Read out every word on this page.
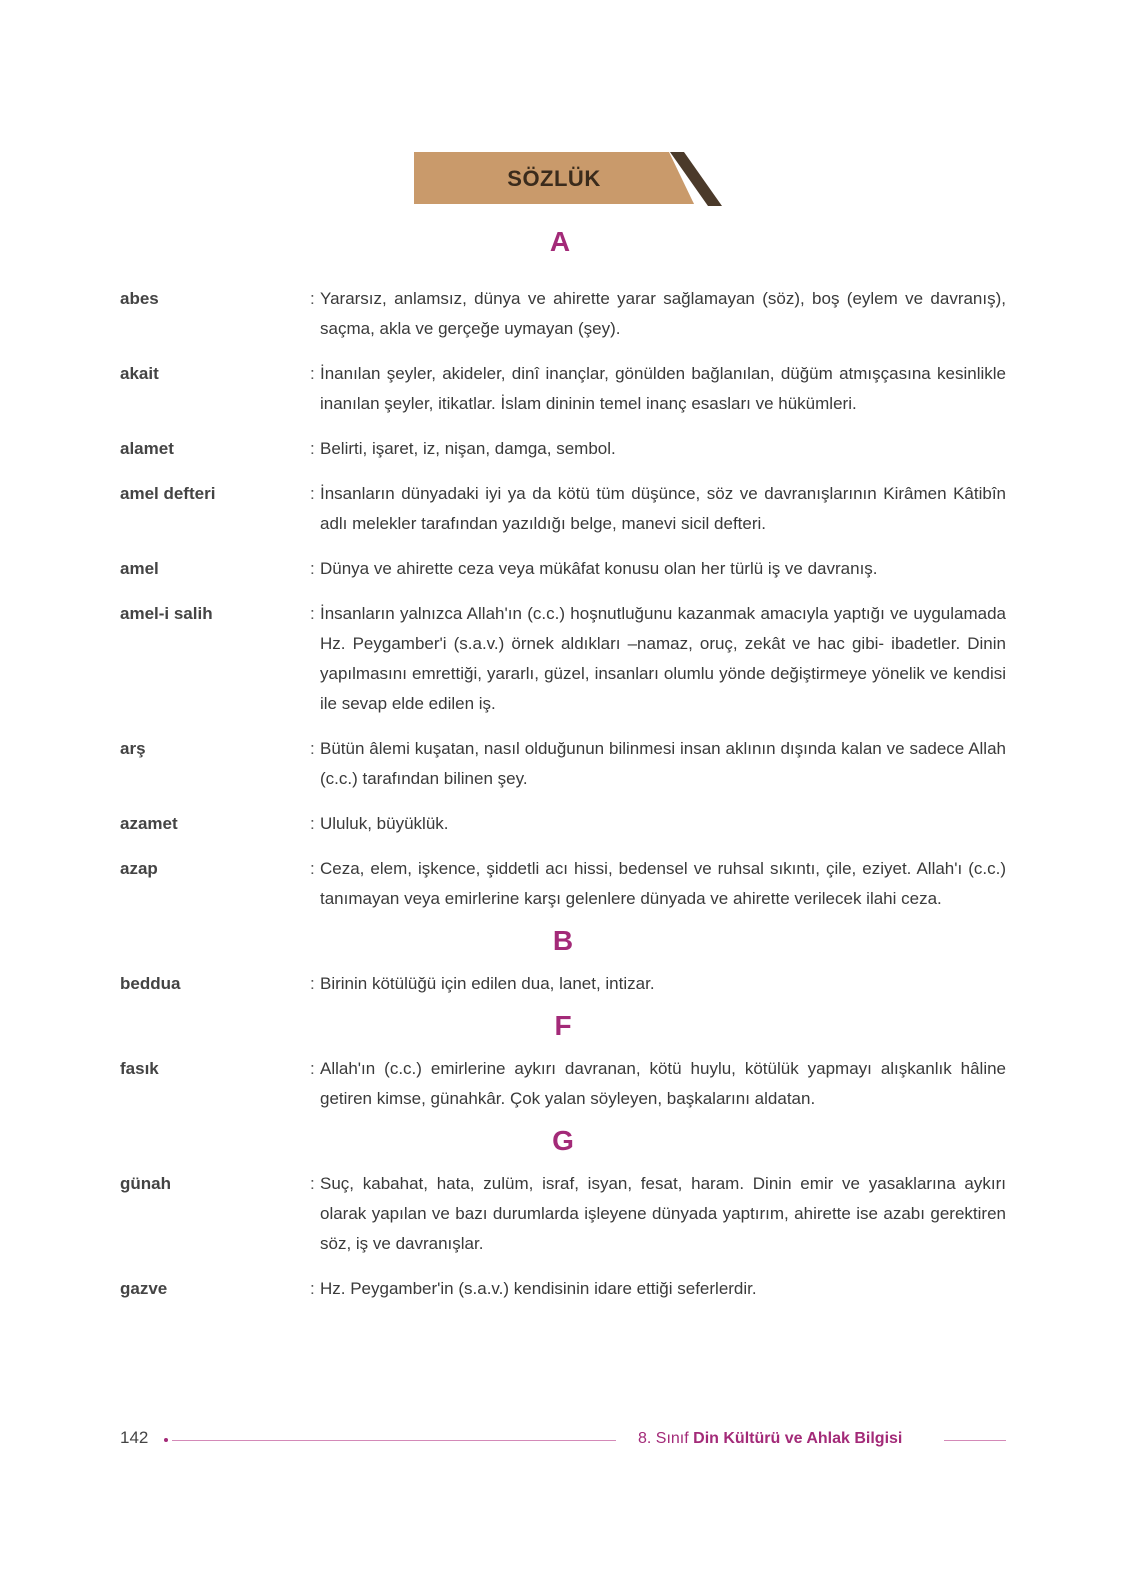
SÖZLÜK
A
abes	: Yararsız, anlamsız, dünya ve ahirette yarar sağlamayan (söz), boş (eylem ve davranış), saçma, akla ve gerçeğe uymayan (şey).
akait	: İnanılan şeyler, akideler, dinî inançlar, gönülden bağlanılan, düğüm atmışçasına kesinlikle inanılan şeyler, itikatlar. İslam dininin temel inanç esasları ve hükümleri.
alamet	: Belirti, işaret, iz, nişan, damga, sembol.
amel defteri	: İnsanların dünyadaki iyi ya da kötü tüm düşünce, söz ve davranışlarının Kirâmen Kâtibîn adlı melekler tarafından yazıldığı belge, manevi sicil defteri.
amel	: Dünya ve ahirette ceza veya mükâfat konusu olan her türlü iş ve davranış.
amel-i salih	: İnsanların yalnızca Allah'ın (c.c.) hoşnutluğunu kazanmak amacıyla yaptığı ve uygulamada Hz. Peygamber'i (s.a.v.) örnek aldıkları –namaz, oruç, zekât ve hac gibi- ibadetler. Dinin yapılmasını emrettiği, yararlı, güzel, insanları olumlu yönde değiştirmeye yönelik ve kendisi ile sevap elde edilen iş.
arş	: Bütün âlemi kuşatan, nasıl olduğunun bilinmesi insan aklının dışında kalan ve sadece Allah (c.c.) tarafından bilinen şey.
azamet	: Ululuk, büyüklük.
azap	: Ceza, elem, işkence, şiddetli acı hissi, bedensel ve ruhsal sıkıntı, çile, eziyet. Allah'ı (c.c.) tanımayan veya emirlerine karşı gelenlere dünyada ve ahirette verilecek ilahi ceza.
B
beddua	: Birinin kötülüğü için edilen dua, lanet, intizar.
F
fasık	: Allah'ın (c.c.) emirlerine aykırı davranan, kötü huylu, kötülük yapmayı alışkanlık hâline getiren kimse, günahkâr. Çok yalan söyleyen, başkalarını aldatan.
G
günah	: Suç, kabahat, hata, zulüm, israf, isyan, fesat, haram. Dinin emir ve yasaklarına aykırı olarak yapılan ve bazı durumlarda işleyene dünyada yaptırım, ahirette ise azabı gerektiren söz, iş ve davranışlar.
gazve	: Hz. Peygamber'in (s.a.v.) kendisinin idare ettiği seferlerdir.
142	8. Sınıf Din Kültürü ve Ahlak Bilgisi
